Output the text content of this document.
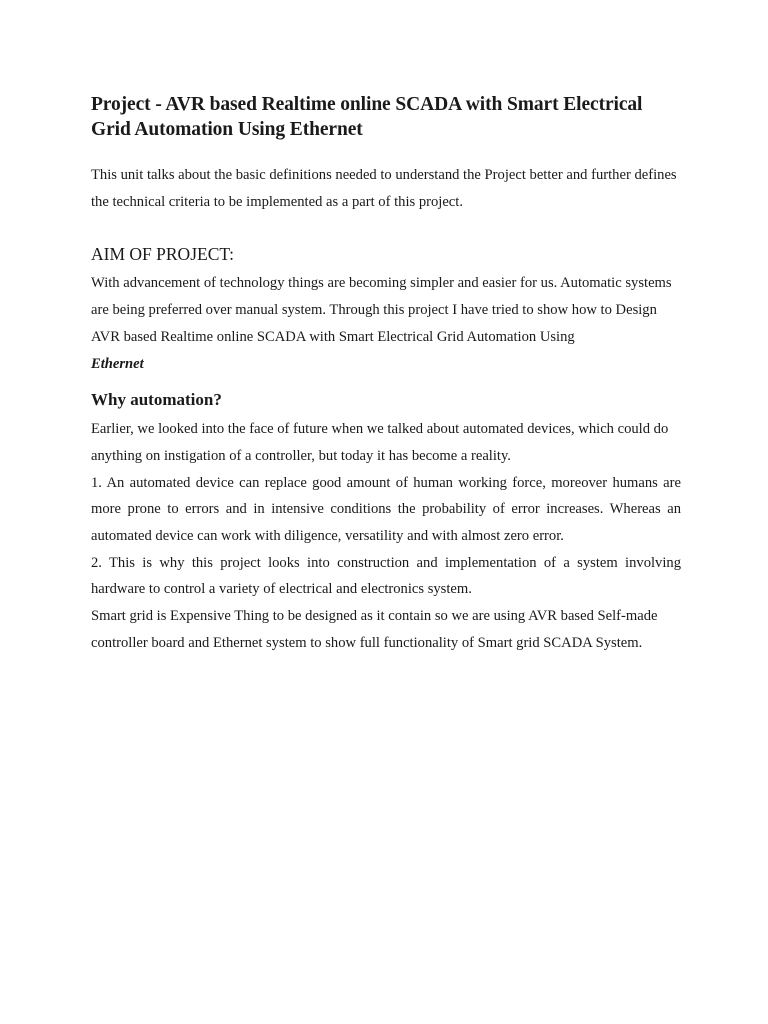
Project - AVR based Realtime online SCADA with Smart Electrical Grid Automation Using Ethernet

This unit talks about the basic definitions needed to understand the Project better and further defines the technical criteria to be implemented as a part of this project.

AIM OF PROJECT:

With advancement of technology things are becoming simpler and easier for us. Automatic systems are being preferred over manual system. Through this project I have tried to show how to Design AVR based Realtime online SCADA with Smart Electrical Grid Automation Using
Ethernet

Why automation?

Earlier, we looked into the face of future when we talked about automated devices, which could do anything on instigation of a controller, but today it has become a reality.

1. An automated device can replace good amount of human working force, moreover humans are more prone to errors and in intensive conditions the probability of error increases. Whereas an automated device can work with diligence, versatility and with almost zero error.

2. This is why this project looks into construction and implementation of a system involving hardware to control a variety of electrical and electronics system.

Smart grid is Expensive Thing to be designed as it contain so we are using AVR based Self-made controller board and Ethernet system to show full functionality of Smart grid SCADA System.
